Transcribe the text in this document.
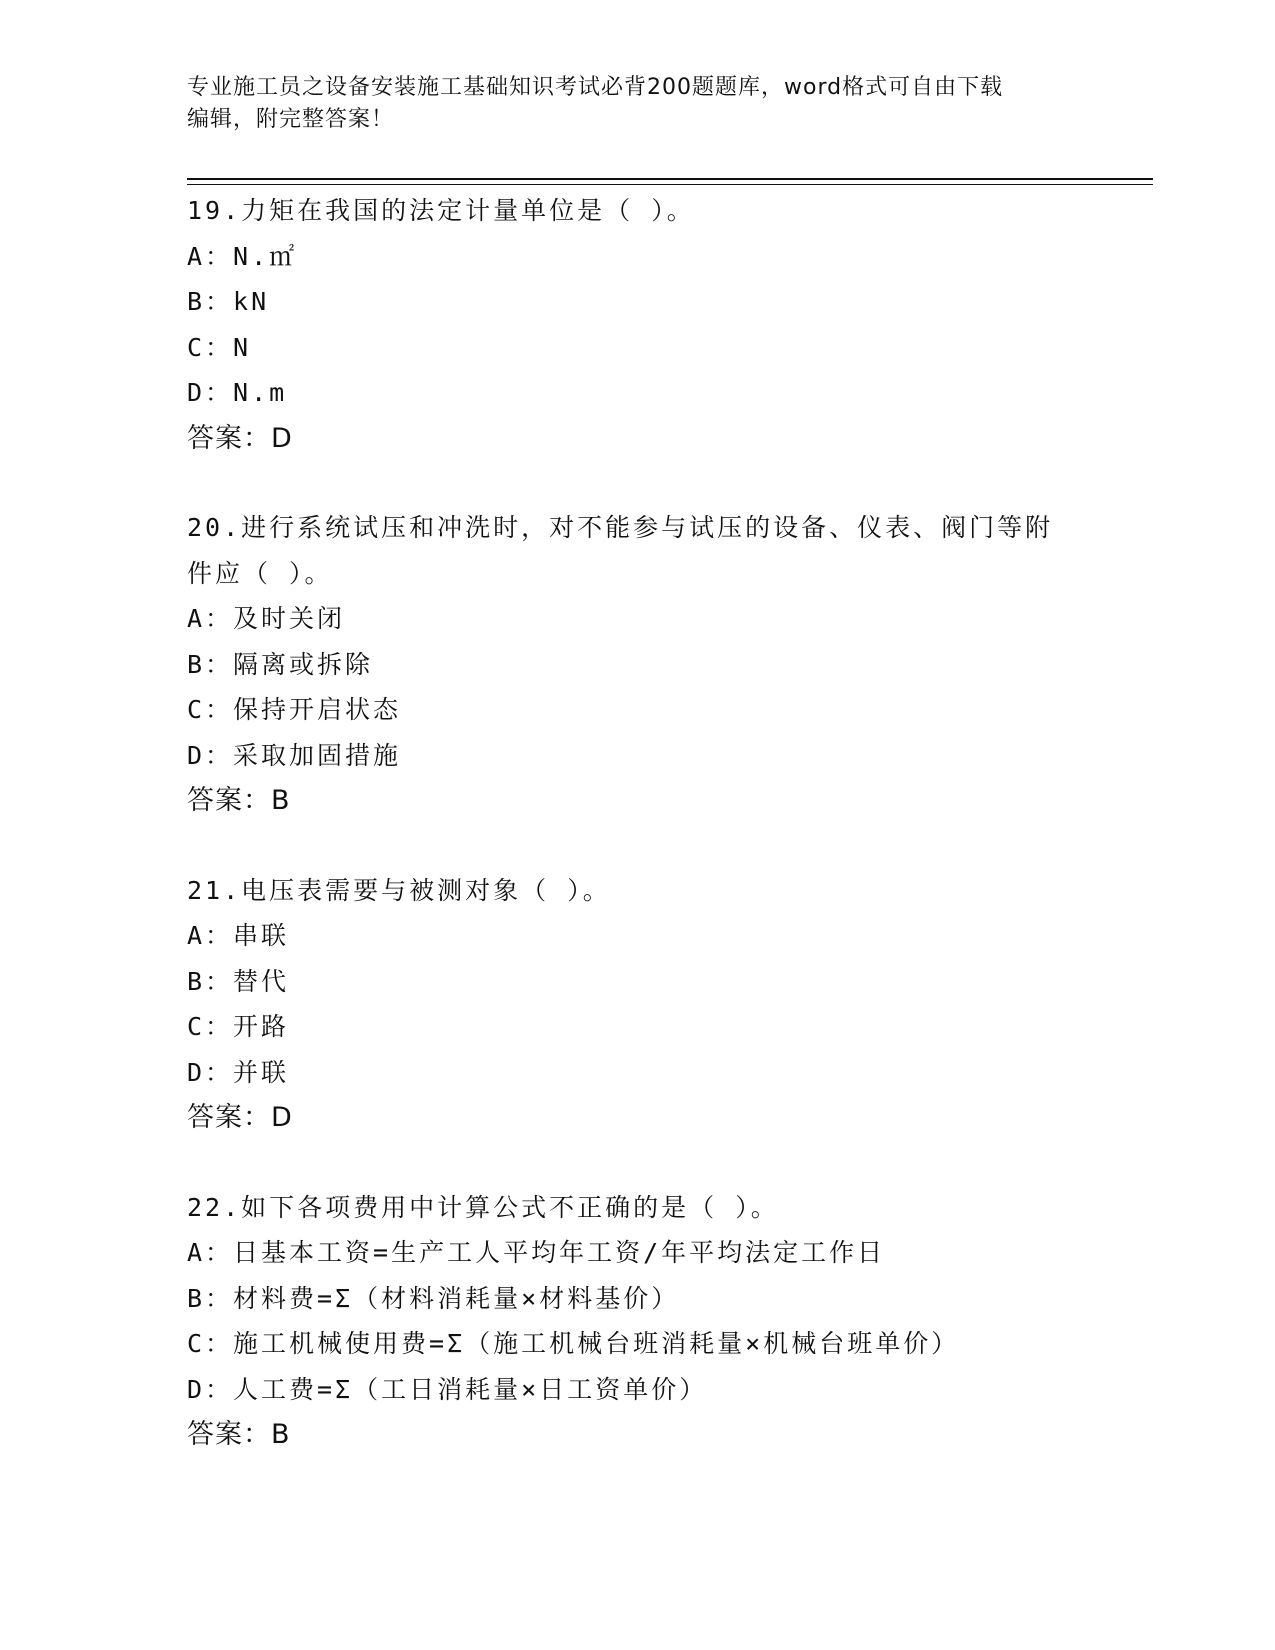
专业施工员之设备安装施工基础知识考试必背200题题库，word格式可自由下载
编辑，附完整答案！
19.力矩在我国的法定计量单位是（ ）。
A：N.㎡
B：kN
C：N
D：N.m
答案：D
20.进行系统试压和冲洗时，对不能参与试压的设备、仪表、阀门等附
件应（ ）。
A：及时关闭
B：隔离或拆除
C：保持开启状态
D：采取加固措施
答案：B
21.电压表需要与被测对象（ ）。
A：串联
B：替代
C：开路
D：并联
答案：D
22.如下各项费用中计算公式不正确的是（ ）。
A：日基本工资=生产工人平均年工资/年平均法定工作日
B：材料费=Σ（材料消耗量×材料基价）
C：施工机械使用费=Σ（施工机械台班消耗量×机械台班单价）
D：人工费=Σ（工日消耗量×日工资单价）
答案：B
